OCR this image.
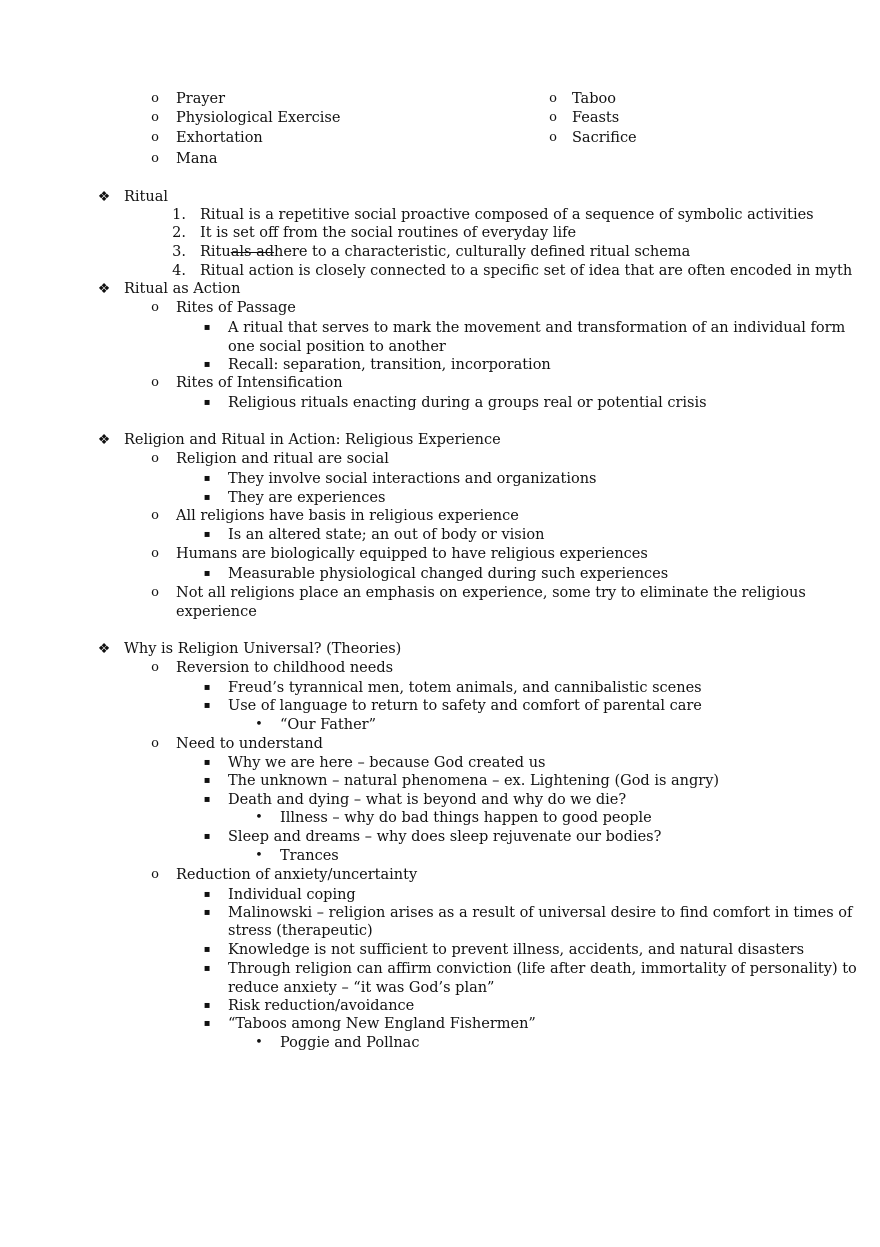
o Prayer
o Physiological Exercise
o Exhortation
o Mana
o Taboo
o Feasts
o Sacrifice
❖ Ritual
1. Ritual is a repetitive social proactive composed of a sequence of symbolic activities
2. It is set off from the social routines of everyday life
3. Rituals adhere to a characteristic, culturally defined ritual schema
4. Ritual action is closely connected to a specific set of idea that are often encoded in myth
❖ Ritual as Action
o Rites of Passage
▪ A ritual that serves to mark the movement and transformation of an individual form
one social position to another
▪ Recall: separation, transition, incorporation
o Rites of Intensification
▪ Religious rituals enacting during a groups real or potential crisis
❖ Religion and Ritual in Action: Religious Experience
o Religion and ritual are social
▪ They involve social interactions and organizations
▪ They are experiences
o All religions have basis in religious experience
▪ Is an altered state; an out of body or vision
o Humans are biologically equipped to have religious experiences
▪ Measurable physiological changed during such experiences
o Not all religions place an emphasis on experience, some try to eliminate the religious
experience
❖ Why is Religion Universal? (Theories)
o Reversion to childhood needs
▪ Freud’s tyrannical men, totem animals, and cannibalistic scenes
▪ Use of language to return to safety and comfort of parental care
• “Our Father”
o Need to understand
▪ Why we are here – because God created us
▪ The unknown – natural phenomena – ex. Lightening (God is angry)
▪ Death and dying – what is beyond and why do we die?
• Illness – why do bad things happen to good people
▪ Sleep and dreams – why does sleep rejuvenate our bodies?
• Trances
o Reduction of anxiety/uncertainty
▪ Individual coping
▪ Malinowski – religion arises as a result of universal desire to find comfort in times of
stress (therapeutic)
▪ Knowledge is not sufficient to prevent illness, accidents, and natural disasters
▪ Through religion can affirm conviction (life after death, immortality of personality) to
reduce anxiety – “it was God’s plan”
▪ Risk reduction/avoidance
▪ “Taboos among New England Fishermen”
• Poggie and Pollnac
